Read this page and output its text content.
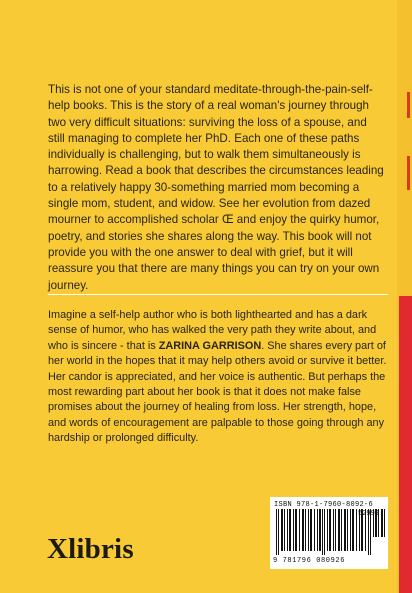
This is not one of your standard meditate-through-the-pain-self-help books. This is the story of a real woman's journey through two very difficult situations: surviving the loss of a spouse, and still managing to complete her PhD. Each one of these paths individually is challenging, but to walk them simultaneously is harrowing. Read a book that describes the circumstances leading to a relatively happy 30-something married mom becoming a single mom, student, and widow. See her evolution from dazed mourner to accomplished scholar Œ and enjoy the quirky humor, poetry, and stories she shares along the way. This book will not provide you with the one answer to deal with grief, but it will reassure you that there are many things you can try on your own journey.

Imagine a self-help author who is both lighthearted and has a dark sense of humor, who has walked the very path they write about, and who is sincere - that is ZARINA GARRISON. She shares every part of her world in the hopes that it may help others avoid or survive it better. Her candor is appreciated, and her voice is authentic. But perhaps the most rewarding part about her book is that it does not make false promises about the journey of healing from loss. Her strength, hope, and words of encouragement are palpable to those going through any hardship or prolonged difficulty.

Xlibris
ISBN 978-1-7960-8092-6
9 781796 080926
